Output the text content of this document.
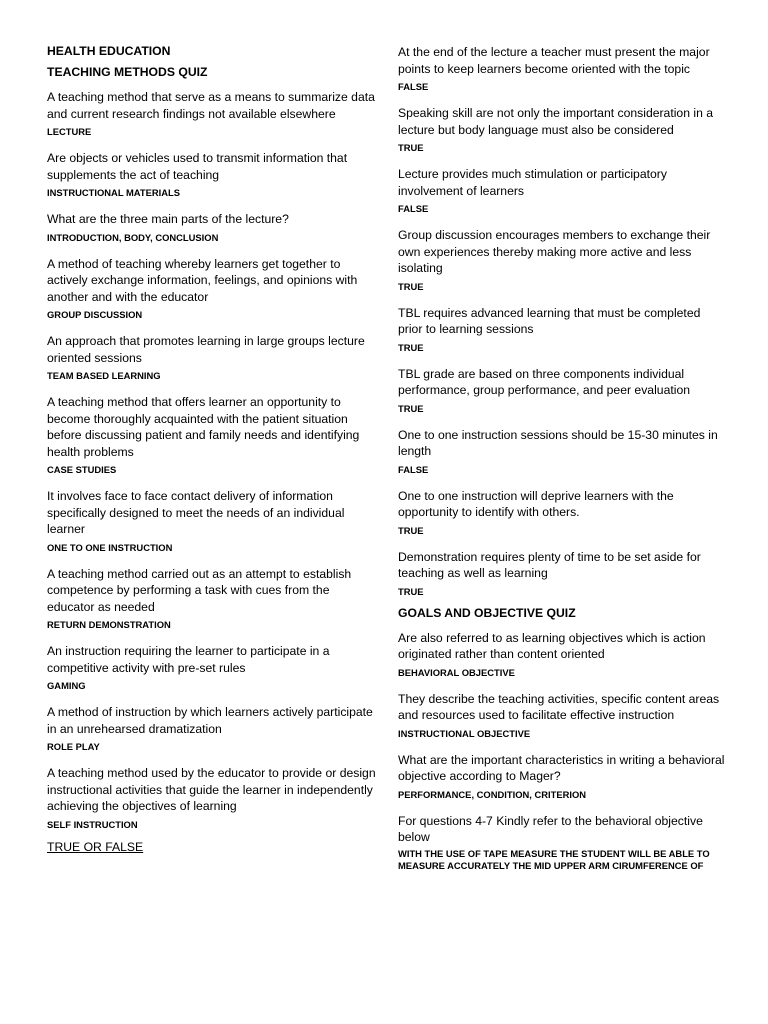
HEALTH EDUCATION
TEACHING METHODS QUIZ
A teaching method that serve as a means to summarize data and current research findings not available elsewhere
LECTURE
Are objects or vehicles used to transmit information that supplements the act of teaching
INSTRUCTIONAL MATERIALS
What are the three main parts of the lecture?
INTRODUCTION, BODY, CONCLUSION
A method of teaching whereby learners get together to actively exchange information, feelings, and opinions with another and with the educator
GROUP DISCUSSION
An approach that promotes learning in large groups lecture oriented sessions
TEAM BASED LEARNING
A teaching method that offers learner an opportunity to become thoroughly acquainted with the patient situation before discussing patient and family needs and identifying health problems
CASE STUDIES
It involves face to face contact delivery of information specifically designed to meet the needs of an individual learner
ONE TO ONE INSTRUCTION
A teaching method carried out as an attempt to establish competence by performing a task with cues from the educator as needed
RETURN DEMONSTRATION
An instruction requiring the learner to participate in a competitive activity with pre-set rules
GAMING
A method of instruction by which learners actively participate in an unrehearsed dramatization
ROLE PLAY
A teaching method used by the educator to provide or design instructional activities that guide the learner in independently achieving the objectives of learning
SELF INSTRUCTION
TRUE OR FALSE
At the end of the lecture a teacher must present the major points to keep learners become oriented with the topic
FALSE
Speaking skill are not only the important consideration in a lecture but body language must also be considered
TRUE
Lecture provides much stimulation or participatory involvement of learners
FALSE
Group discussion encourages members to exchange their own experiences thereby making more active and less isolating
TRUE
TBL requires advanced learning that must be completed prior to learning sessions
TRUE
TBL grade are based on three components individual performance, group performance, and peer evaluation
TRUE
One to one instruction sessions should be 15-30 minutes in length
FALSE
One to one instruction will deprive learners with the opportunity to identify with others.
TRUE
Demonstration requires plenty of time to be set aside for teaching as well as learning
TRUE
GOALS AND OBJECTIVE QUIZ
Are also referred to as learning objectives which is action originated rather than content oriented
BEHAVIORAL OBJECTIVE
They describe the teaching activities, specific content areas and resources used to facilitate effective instruction
INSTRUCTIONAL OBJECTIVE
What are the important characteristics in writing a behavioral objective according to Mager?
PERFORMANCE, CONDITION, CRITERION
For questions 4-7 Kindly refer to the behavioral objective below
WITH THE USE OF TAPE MEASURE THE STUDENT WILL BE ABLE TO
MEASURE ACCURATELY THE MID UPPER ARM CIRUMFERENCE OF
